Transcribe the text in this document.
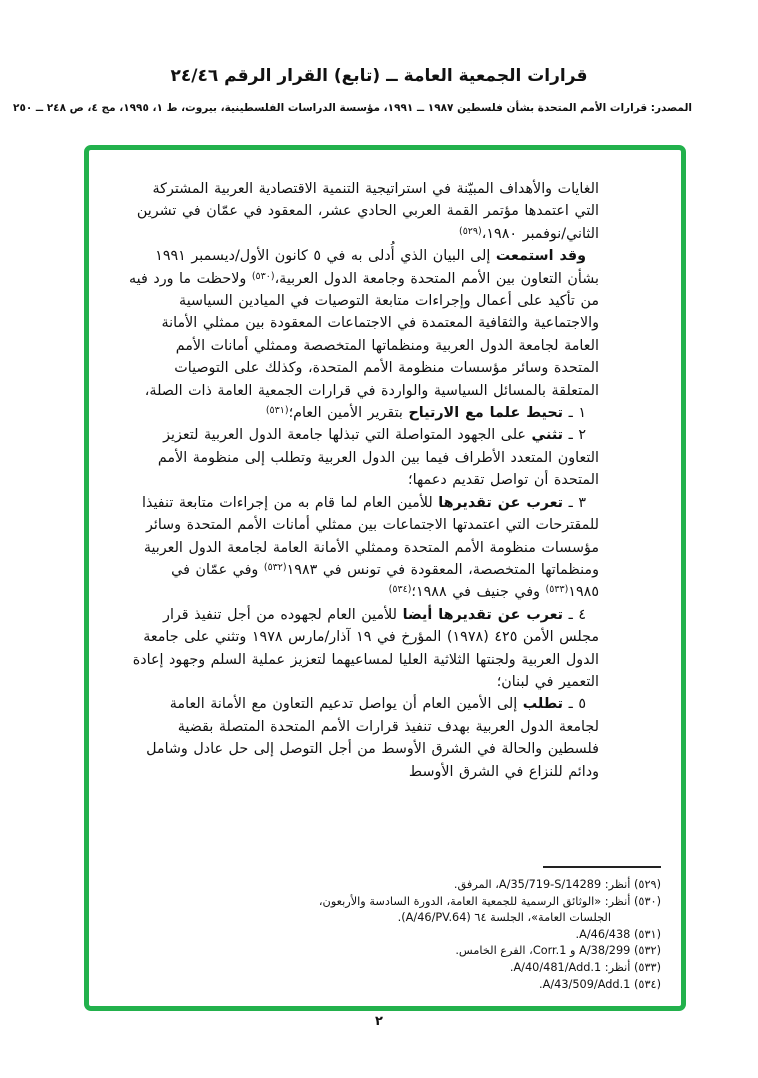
قرارات الجمعية العامة ــ (تابع) القرار الرقم ٢٤/٤٦
المصدر: قرارات الأمم المتحدة بشأن فلسطين ١٩٨٧ ــ ١٩٩١، مؤسسة الدراسات الفلسطينية، بيروت، ط ١، ١٩٩٥، مج ٤، ص ٢٤٨ ــ ٢٥٠

الغايات والأهداف المبيّنة في استراتيجية التنمية الاقتصادية العربية المشتركة التي اعتمدها مؤتمر القمة العربي الحادي عشر، المعقود في عمّان في تشرين الثاني/نوفمبر ١٩٨٠،$^{(٥٢٩)}$

وقد استمعت إلى البيان الذي أُدلى به في ٥ كانون الأول/ديسمبر ١٩٩١ بشأن التعاون بين الأمم المتحدة وجامعة الدول العربية،$^{(٥٣٠)}$ ولاحظت ما ورد فيه من تأكيد على أعمال وإجراءات متابعة التوصيات في الميادين السياسية والاجتماعية والثقافية المعتمدة في الاجتماعات المعقودة بين ممثلي الأمانة العامة لجامعة الدول العربية ومنظماتها المتخصصة وممثلي أمانات الأمم المتحدة وسائر مؤسسات منظومة الأمم المتحدة، وكذلك على التوصيات المتعلقة بالمسائل السياسية والواردة في قرارات الجمعية العامة ذات الصلة،

١ ـ تحيط علما مع الارتياح بتقرير الأمين العام؛$^{(٥٣١)}$

٢ ـ تثني على الجهود المتواصلة التي تبذلها جامعة الدول العربية لتعزيز التعاون المتعدد الأطراف فيما بين الدول العربية وتطلب إلى منظومة الأمم المتحدة أن تواصل تقديم دعمها؛

٣ ـ تعرب عن تقديرها للأمين العام لما قام به من إجراءات متابعة تنفيذا للمقترحات التي اعتمدتها الاجتماعات بين ممثلي أمانات الأمم المتحدة وسائر مؤسسات منظومة الأمم المتحدة وممثلي الأمانة العامة لجامعة الدول العربية ومنظماتها المتخصصة، المعقودة في تونس في ١٩٨٣$^{(٥٣٢)}$ وفي عمّان في ١٩٨٥$^{(٥٣٣)}$ وفي جنيف في ١٩٨٨؛$^{(٥٣٤)}$

٤ ـ تعرب عن تقديرها أيضا للأمين العام لجهوده من أجل تنفيذ قرار مجلس الأمن ٤٢٥ (١٩٧٨) المؤرخ في ١٩ آذار/مارس ١٩٧٨ وتثني على جامعة الدول العربية ولجنتها الثلاثية العليا لمساعيهما لتعزيز عملية السلم وجهود إعادة التعمير في لبنان؛

٥ ـ تطلب إلى الأمين العام أن يواصل تدعيم التعاون مع الأمانة العامة لجامعة الدول العربية بهدف تنفيذ قرارات الأمم المتحدة المتصلة بقضية فلسطين والحالة في الشرق الأوسط من أجل التوصل إلى حل عادل وشامل ودائم للنزاع في الشرق الأوسط

(٥٢٩) أنظر: A/35/719-S/14289، المرفق.
(٥٣٠) أنظر: «الوثائق الرسمية للجمعية العامة، الدورة السادسة والأربعون،
الجلسات العامة»، الجلسة ٦٤ (A/46/PV.64).
(٥٣١) A/46/438.
(٥٣٢) A/38/299 و Corr.1، الفرع الخامس.
(٥٣٣) أنظر: A/40/481/Add.1.
(٥٣٤) A/43/509/Add.1.
٢
